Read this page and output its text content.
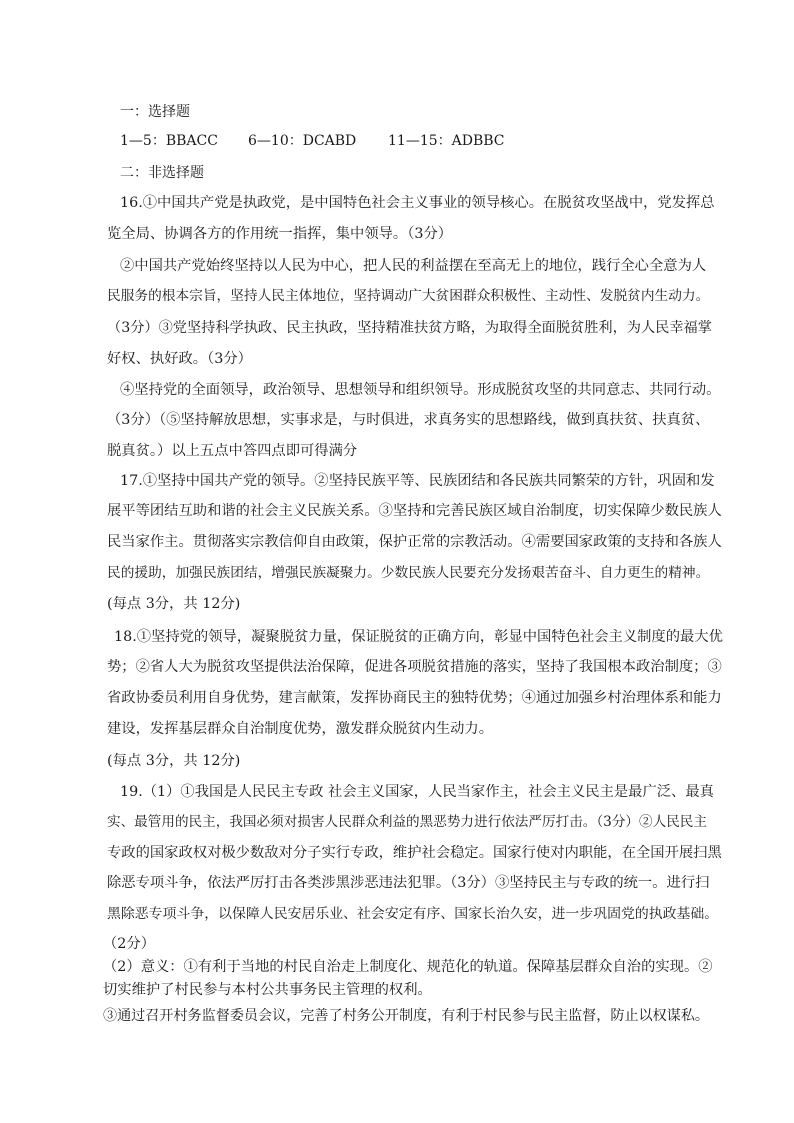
一：选择题
1—5：BBACC 6—10：DCABD 11—15：ADBBC
二：非选择题
16.①中国共产党是执政党，是中国特色社会主义事业的领导核心。在脱贫攻坚战中，党发挥总
览全局、协调各方的作用统一指挥，集中领导。（3分）
②中国共产党始终坚持以人民为中心，把人民的利益摆在至高无上的地位，践行全心全意为人
民服务的根本宗旨，坚持人民主体地位，坚持调动广大贫困群众积极性、主动性、发脱贫内生动力。
（3分）③党坚持科学执政、民主执政，坚持精准扶贫方略，为取得全面脱贫胜利，为人民幸福掌
好权、执好政。（3分）
④坚持党的全面领导，政治领导、思想领导和组织领导。形成脱贫攻坚的共同意志、共同行动。
（3分）（⑤坚持解放思想，实事求是，与时俱进，求真务实的思想路线，做到真扶贫、扶真贫、
脱真贫。）以上五点中答四点即可得满分
17.①坚持中国共产党的领导。②坚持民族平等、民族团结和各民族共同繁荣的方针，巩固和发
展平等团结互助和谐的社会主义民族关系。③坚持和完善民族区域自治制度，切实保障少数民族人
民当家作主。贯彻落实宗教信仰自由政策，保护正常的宗教活动。④需要国家政策的支持和各族人
民的援助，加强民族团结，增强民族凝聚力。少数民族人民要充分发扬艰苦奋斗、自力更生的精神。
(每点 3分，共 12分)
18.①坚持党的领导，凝聚脱贫力量，保证脱贫的正确方向，彰显中国特色社会主义制度的最大优
势；②省人大为脱贫攻坚提供法治保障，促进各项脱贫措施的落实，坚持了我国根本政治制度；③
省政协委员利用自身优势，建言献策，发挥协商民主的独特优势；④通过加强乡村治理体系和能力
建设，发挥基层群众自治制度优势，激发群众脱贫内生动力。
(每点 3分，共 12分)
19.（1）①我国是人民民主专政 社会主义国家，人民当家作主，社会主义民主是最广泛、最真
实、最管用的民主，我国必须对损害人民群众利益的黑恶势力进行依法严厉打击。（3分）②人民民主
专政的国家政权对极少数敌对分子实行专政，维护社会稳定。国家行使对内职能，在全国开展扫黑
除恶专项斗争，依法严厉打击各类涉黑涉恶违法犯罪。（3分）③坚持民主与专政的统一。进行扫
黑除恶专项斗争，以保障人民安居乐业、社会安定有序、国家长治久安，进一步巩固党的执政基础。
（2分）
（2）意义：①有利于当地的村民自治走上制度化、规范化的轨道。保障基层群众自治的实现。②
切实维护了村民参与本村公共事务民主管理的权利。
③通过召开村务监督委员会议，完善了村务公开制度，有利于村民参与民主监督，防止以权谋私。
